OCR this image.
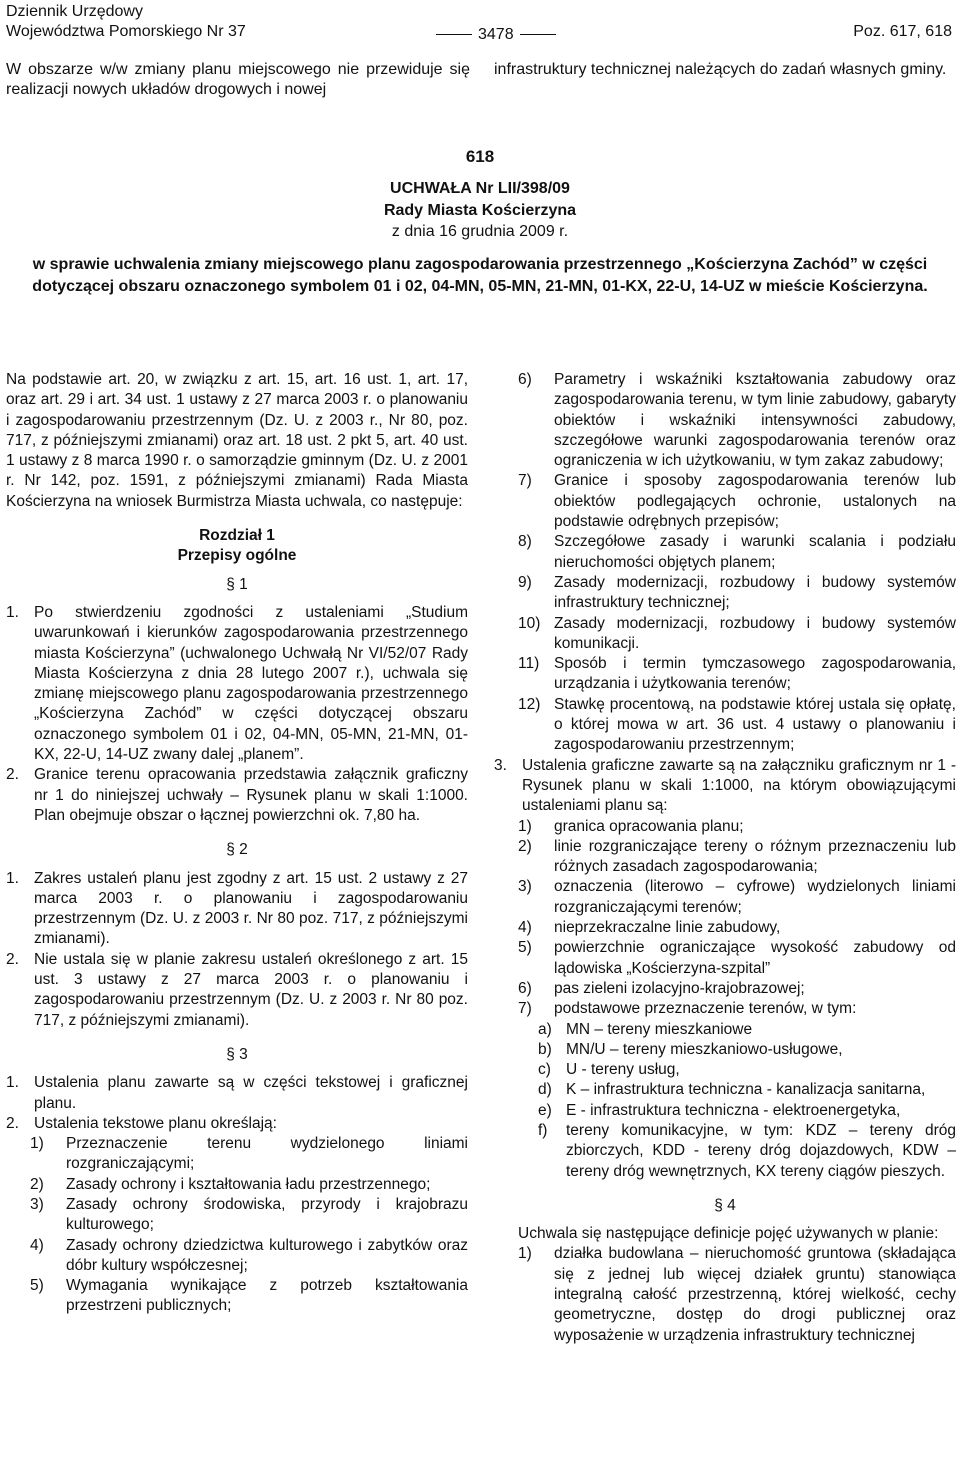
Dziennik Urzędowy
Województwa Pomorskiego Nr 37	3478	Poz. 617, 618
W obszarze w/w zmiany planu miejscowego nie przewiduje się realizacji nowych układów drogowych i nowej
infrastruktury technicznej należących do zadań własnych gminy.
618
UCHWAŁA Nr LII/398/09
Rady Miasta Kościerzyna
z dnia 16 grudnia 2009 r.
w sprawie uchwalenia zmiany miejscowego planu zagospodarowania przestrzennego „Kościerzyna Zachód” w części dotyczącej obszaru oznaczonego symbolem 01 i 02, 04-MN, 05-MN, 21-MN, 01-KX, 22-U, 14-UZ w mieście Kościerzyna.

Na podstawie art. 20, w związku z art. 15, art. 16 ust. 1, art. 17, oraz art. 29 i art. 34 ust. 1 ustawy z 27 marca 2003 r. o planowaniu i zagospodarowaniu przestrzennym (Dz. U. z 2003 r., Nr 80, poz. 717, z późniejszymi zmianami) oraz art. 18 ust. 2 pkt 5, art. 40 ust. 1 ustawy z 8 marca 1990 r. o samorządzie gminnym (Dz. U. z 2001 r. Nr 142, poz. 1591, z późniejszymi zmianami) Rada Miasta Kościerzyna na wniosek Burmistrza Miasta uchwala, co następuje:

Rozdział 1

Przepisy ogólne

§ 1

1. Po stwierdzeniu zgodności z ustaleniami „Studium uwarunkowań i kierunków zagospodarowania przestrzennego miasta Kościerzyna” (uchwalonego Uchwałą Nr VI/52/07 Rady Miasta Kościerzyna z dnia 28 lutego 2007 r.), uchwala się zmianę miejscowego planu zagospodarowania przestrzennego „Kościerzyna Zachód” w części dotyczącej obszaru oznaczonego symbolem 01 i 02, 04-MN, 05-MN, 21-MN, 01-KX, 22-U, 14-UZ zwany dalej „planem”.
2. Granice terenu opracowania przedstawia załącznik graficzny nr 1 do niniejszej uchwały – Rysunek planu w skali 1:1000. Plan obejmuje obszar o łącznej powierzchni ok. 7,80 ha.

§ 2

1. Zakres ustaleń planu jest zgodny z art. 15 ust. 2 ustawy z 27 marca 2003 r. o planowaniu i zagospodarowaniu przestrzennym (Dz. U. z 2003 r. Nr 80 poz. 717, z późniejszymi zmianami).
2. Nie ustala się w planie zakresu ustaleń określonego z art. 15 ust. 3 ustawy z 27 marca 2003 r. o planowaniu i zagospodarowaniu przestrzennym (Dz. U. z 2003 r. Nr 80 poz. 717, z późniejszymi zmianami).

§ 3

1. Ustalenia planu zawarte są w części tekstowej i graficznej planu.
2. Ustalenia tekstowe planu określają:
1)	Przeznaczenie terenu wydzielonego liniami rozgraniczającymi;
2)	Zasady ochrony i kształtowania ładu przestrzennego;
3)	Zasady ochrony środowiska, przyrody i krajobrazu kulturowego;
4)	Zasady ochrony dziedzictwa kulturowego i zabytków oraz dóbr kultury współczesnej;
5)	Wymagania wynikające z potrzeb kształtowania przestrzeni publicznych;
6)	Parametry i wskaźniki kształtowania zabudowy oraz zagospodarowania terenu, w tym linie zabudowy, gabaryty obiektów i wskaźniki intensywności zabudowy, szczegółowe warunki zagospodarowania terenów oraz ograniczenia w ich użytkowaniu, w tym zakaz zabudowy;
7)	Granice i sposoby zagospodarowania terenów lub obiektów podlegających ochronie, ustalonych na podstawie odrębnych przepisów;
8)	Szczegółowe zasady i warunki scalania i podziału nieruchomości objętych planem;
9)	Zasady modernizacji, rozbudowy i budowy systemów infrastruktury technicznej;
10) Zasady modernizacji, rozbudowy i budowy systemów komunikacji.
11) Sposób i termin tymczasowego zagospodarowania, urządzania i użytkowania terenów;
12) Stawkę procentową, na podstawie której ustala się opłatę, o której mowa w art. 36 ust. 4 ustawy o planowaniu i zagospodarowaniu przestrzennym;
3. Ustalenia graficzne zawarte są na załączniku graficznym nr 1 - Rysunek planu w skali 1:1000, na którym obowiązującymi ustaleniami planu są:
1)	granica opracowania planu;
2)	linie rozgraniczające tereny o różnym przeznaczeniu lub różnych zasadach zagospodarowania;
3)	oznaczenia (literowo – cyfrowe) wydzielonych liniami rozgraniczającymi terenów;
4)	nieprzekraczalne linie zabudowy,
5)	powierzchnie ograniczające wysokość zabudowy od lądowiska „Kościerzyna-szpital”
6)	pas zieleni izolacyjno-krajobrazowej;
7)	podstawowe przeznaczenie terenów, w tym:
a) MN – tereny mieszkaniowe
b) MN/U – tereny mieszkaniowo-usługowe,
c) U - tereny usług,
d) K – infrastruktura techniczna - kanalizacja sanitarna,
e) E - infrastruktura techniczna - elektroenergetyka,
f)	tereny komunikacyjne, w tym: KDZ – tereny dróg zbiorczych, KDD - tereny dróg dojazdowych, KDW – tereny dróg wewnętrznych, KX tereny ciągów pieszych.

§ 4

Uchwala się następujące definicje pojęć używanych w planie:

1)	działka budowlana – nieruchomość gruntowa (składająca się z jednej lub więcej działek gruntu) stanowiąca integralną całość przestrzenną, której wielkość, cechy geometryczne, dostęp do drogi publicznej oraz wyposażenie w urządzenia infrastruktury technicznej
